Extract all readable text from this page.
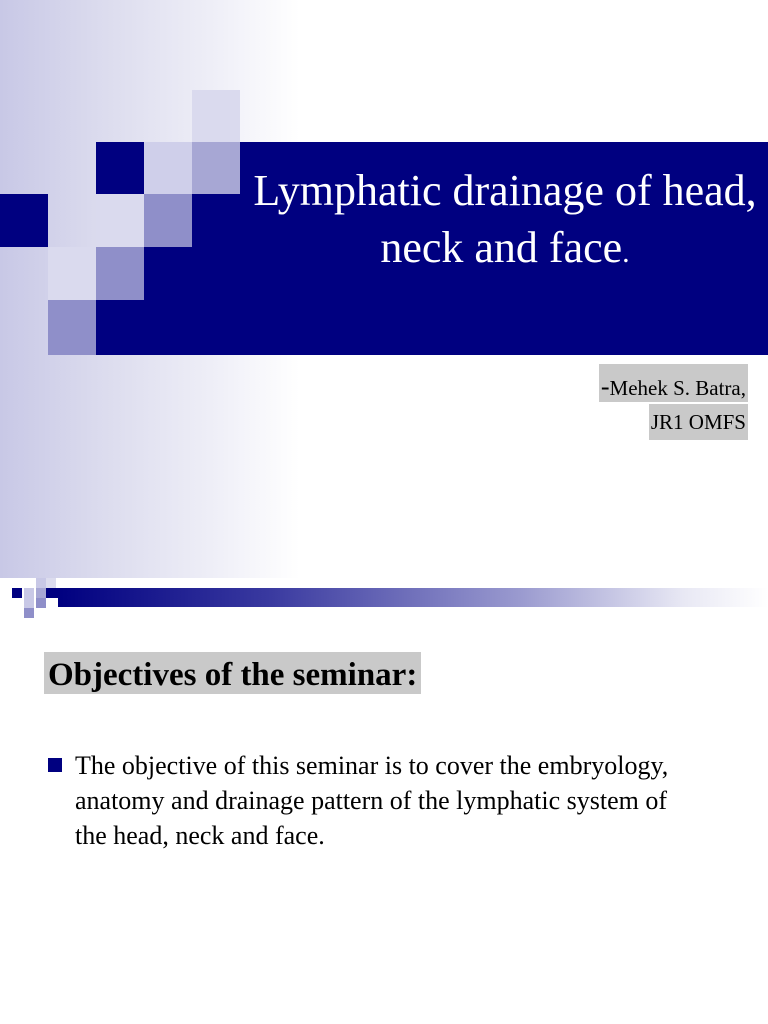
Lymphatic drainage of head, neck and face.
-Mehek S. Batra,
JR1 OMFS
Objectives of the seminar:
The objective of this seminar is to cover the embryology, anatomy and drainage pattern of the lymphatic system of the head, neck and face.
